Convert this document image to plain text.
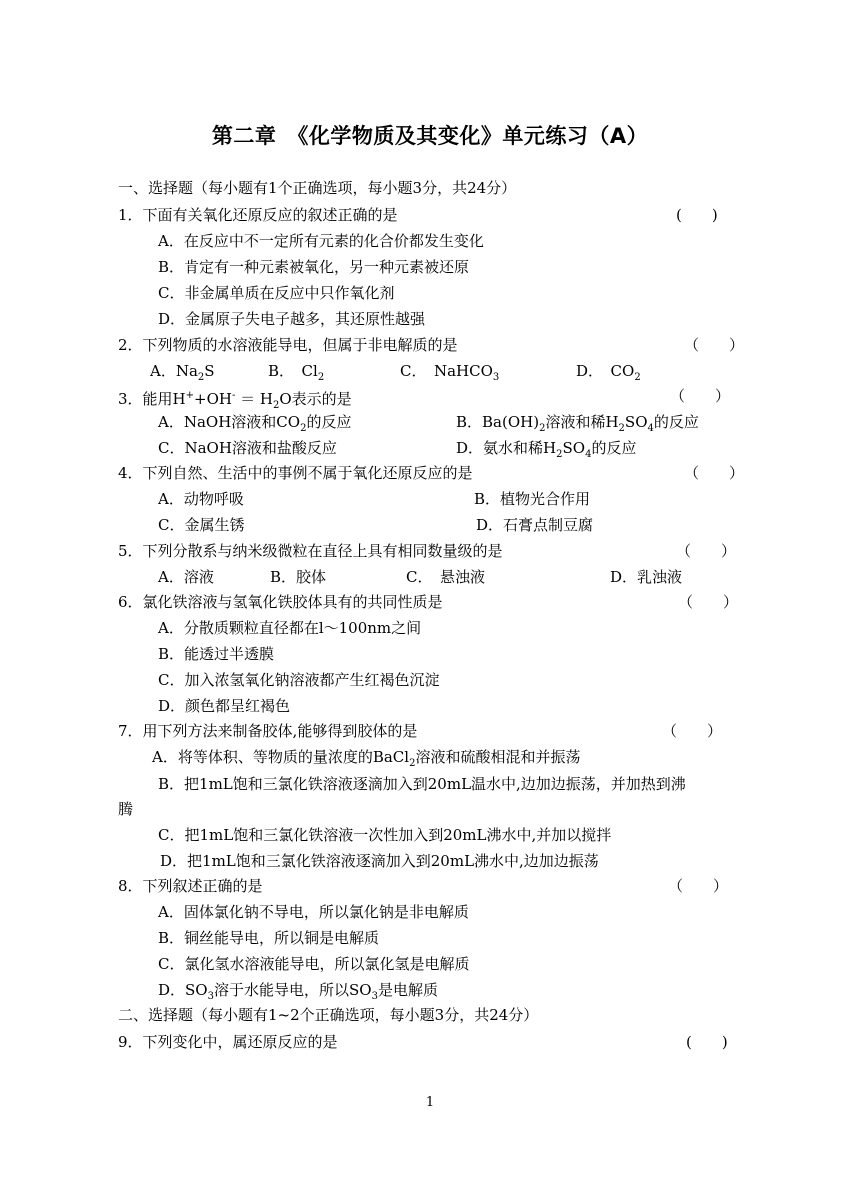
第二章　《化学物质及其变化》单元练习（A）
一、选择题（每小题有1个正确选项，每小题3分，共24分）
1．下面有关氧化还原反应的叙述正确的是	(　　)
A．在反应中不一定所有元素的化合价都发生变化
B．肯定有一种元素被氧化，另一种元素被还原
C．非金属单质在反应中只作氧化剂
D．金属原子失电子越多，其还原性越强
2．下列物质的水溶液能导电，但属于非电解质的是	（　　）
A．$Na_2S$	B．　$Cl_2$	C．　NaHCO$_3$	D．　$CO_2$
3．能用$H^++OH^- = H_2O$表示的是	（　　）
A．NaOH溶液和$CO_2$的反应	B．$Ba(OH)_2$溶液和稀$H_2SO_4$的反应
C．NaOH溶液和盐酸反应	D．氨水和稀$H_2SO_4$的反应
4．下列自然、生活中的事例不属于氧化还原反应的是	（　　）
A．动物呼吸	B．植物光合作用
C．金属生锈	D．石膏点制豆腐
5．下列分散系与纳米级微粒在直径上具有相同数量级的是	（　　）
A．溶液	B．胶体	C．　悬浊液	D．乳浊液
6．氯化铁溶液与氢氧化铁胶体具有的共同性质是	（　　）
A．分散质颗粒直径都在l～100nm之间
B．能透过半透膜
C．加入浓氢氧化钠溶液都产生红褐色沉淀
D．颜色都呈红褐色
7．用下列方法来制备胶体,能够得到胶体的是	（　　）
A．将等体积、等物质的量浓度的BaCl$_2$溶液和硫酸相混和并振荡
B．把1mL饱和三氯化铁溶液逐滴加入到20mL温水中,边加边振荡，并加热到沸
腾
C．把1mL饱和三氯化铁溶液一次性加入到20mL沸水中,并加以搅拌
D．把1mL饱和三氯化铁溶液逐滴加入到20mL沸水中,边加边振荡
8．下列叙述正确的是	（　　）
A．固体氯化钠不导电，所以氯化钠是非电解质
B．铜丝能导电，所以铜是电解质
C．氯化氢水溶液能导电，所以氯化氢是电解质
D．$SO_3$溶于水能导电，所以$SO_3$是电解质
二、选择题（每小题有1~2个正确选项，每小题3分，共24分）
9．下列变化中，属还原反应的是	(　　)
1
